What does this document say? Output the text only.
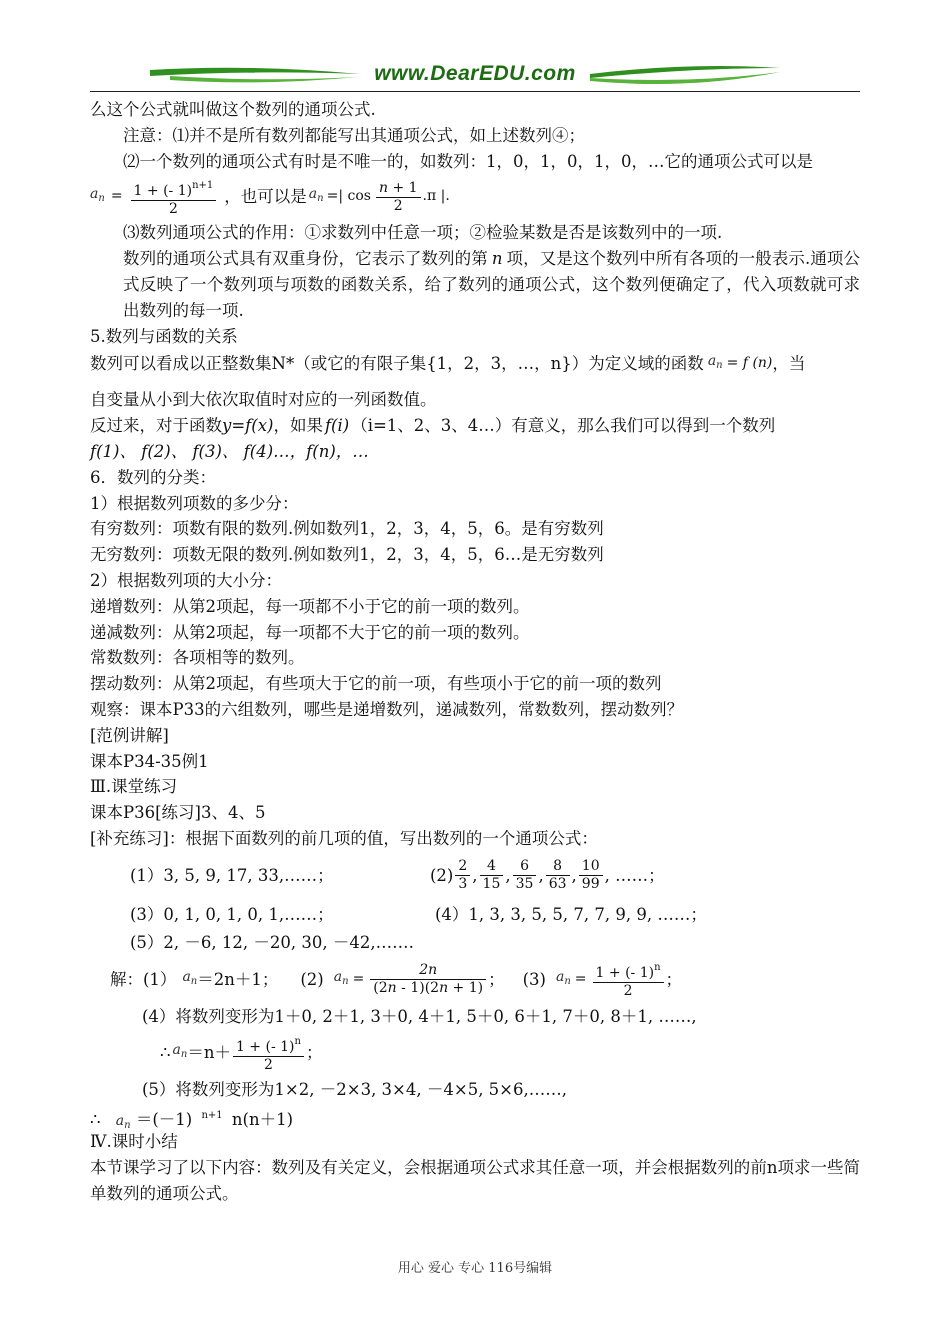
www.DearEDU.com
么这个公式就叫做这个数列的通项公式.
注意：⑴并不是所有数列都能写出其通项公式，如上述数列④；
⑵一个数列的通项公式有时是不唯一的，如数列：1，0，1，0，1，0，…它的通项公式可以是
$a_n = \frac{1 + (- 1)^{n+1}}{2}$ ，也可以是 $a_n$ =| $\cos \frac{n + 1}{2} .\pi$ |.
⑶数列通项公式的作用：①求数列中任意一项；②检验某数是否是该数列中的一项.
数列的通项公式具有双重身份，它表示了数列的第 n 项，又是这个数列中所有各项的一般表示.通项公式反映了一个数列项与项数的函数关系，给了数列的通项公式，这个数列便确定了，代入项数就可求出数列的每一项.
5.数列与函数的关系
数列可以看成以正整数集N*（或它的有限子集{1，2，3，…，n}）为定义域的函数 $a_n = f$ (n) ，当
自变量从小到大依次取值时对应的一列函数值。
反过来，对于函数y=f(x)，如果 f(i) （i=1、2、3、4…）有意义，那么我们可以得到一个数列
f(1)、 f(2)、 f(3)、 f(4)…，f(n)，…
6．数列的分类：
1）根据数列项数的多少分：
有穷数列：项数有限的数列.例如数列1，2，3，4，5，6。是有穷数列
无穷数列：项数无限的数列.例如数列1，2，3，4，5，6…是无穷数列
2）根据数列项的大小分：
递增数列：从第2项起，每一项都不小于它的前一项的数列。
递减数列：从第2项起，每一项都不大于它的前一项的数列。
常数数列：各项相等的数列。
摆动数列：从第2项起，有些项大于它的前一项，有些项小于它的前一项的数列
观察：课本P33的六组数列，哪些是递增数列，递减数列，常数数列，摆动数列？
[范例讲解]
课本P34-35例1
Ⅲ.课堂练习
课本P36[练习]3、4、5
[补充练习]：根据下面数列的前几项的值，写出数列的一个通项公式：
(1）3, 5, 9, 17, 33,……；	$(2) \frac{2}{3}$ , $\frac{4}{15}$ , $\frac{6}{35}$ , $\frac{8}{63}$ , $\frac{10}{99}$ , ……；
(3）0, 1, 0, 1, 0, 1,……；	(4）1, 3, 3, 5, 5, 7, 7, 9, 9, ……；
(5）2, －6, 12, －20, 30, －42,…….
解：(1） $a_n =2n+1$； (2) $a_n = \frac{2n}{(2n - 1)(2n + 1)}$ ； (3) $a_n = \frac{1 + (- 1)^n}{2}$ ；
(4）将数列变形为1＋0, 2＋1, 3＋0, 4＋1, 5＋0, 6＋1, 7＋0, 8＋1, ……,
∴ $a_n =n+ \frac{1 + (- 1)^n}{2}$ ；
(5）将数列变形为1×2, －2×3, 3×4, －4×5, 5×6,……,
∴ $a_n =(-1)$ $^{n+1}$ n(n＋1)
Ⅳ.课时小结
本节课学习了以下内容：数列及有关定义，会根据通项公式求其任意一项，并会根据数列的前n项求一些简单数列的通项公式。
用心 爱心 专心 116号编辑
